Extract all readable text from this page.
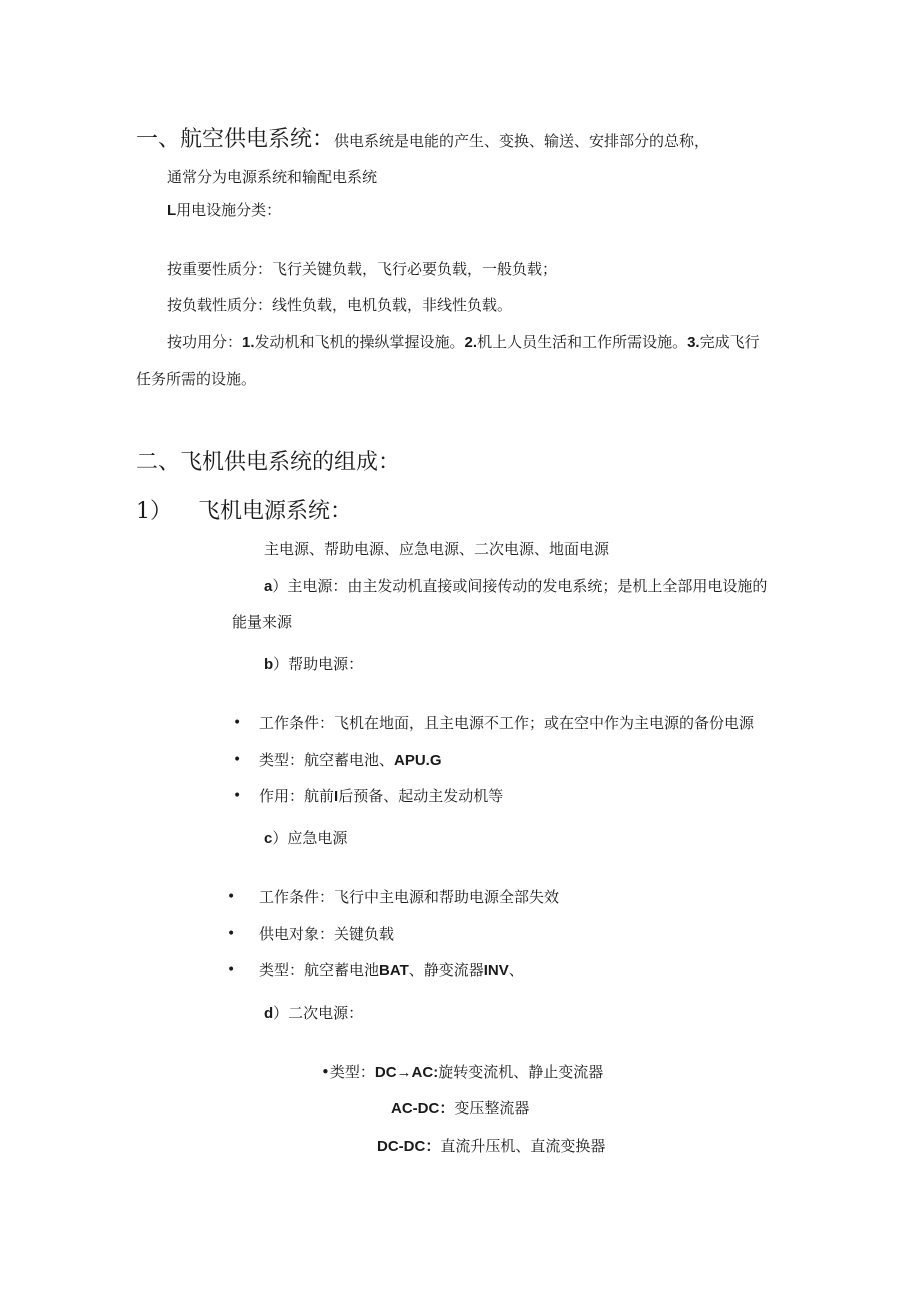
一、航空供电系统：供电系统是电能的产生、变换、输送、安排部分的总称，
通常分为电源系统和输配电系统
L用电设施分类：
按重要性质分：飞行关键负载，飞行必要负载，一般负载；
按负载性质分：线性负载，电机负载，非线性负载。
按功用分：1.发动机和飞机的操纵掌握设施。2.机上人员生活和工作所需设施。3.完成飞行
任务所需的设施。
二、飞机供电系统的组成：
1） 飞机电源系统：
主电源、帮助电源、应急电源、二次电源、地面电源
a）主电源：由主发动机直接或间接传动的发电系统；是机上全部用电设施的
能量来源
b）帮助电源：
• 工作条件：飞机在地面，且主电源不工作；或在空中作为主电源的备份电源
• 类型：航空蓄电池、APU.G
• 作用：航前I后预备、起动主发动机等
c）应急电源
• 工作条件：飞行中主电源和帮助电源全部失效
• 供电对象：关键负载
• 类型：航空蓄电池BAT、静变流器INV、
d）二次电源：
•类型：DC→AC:旋转变流机、静止变流器
AC-DC：变压整流器
DC-DC：直流升压机、直流变换器
